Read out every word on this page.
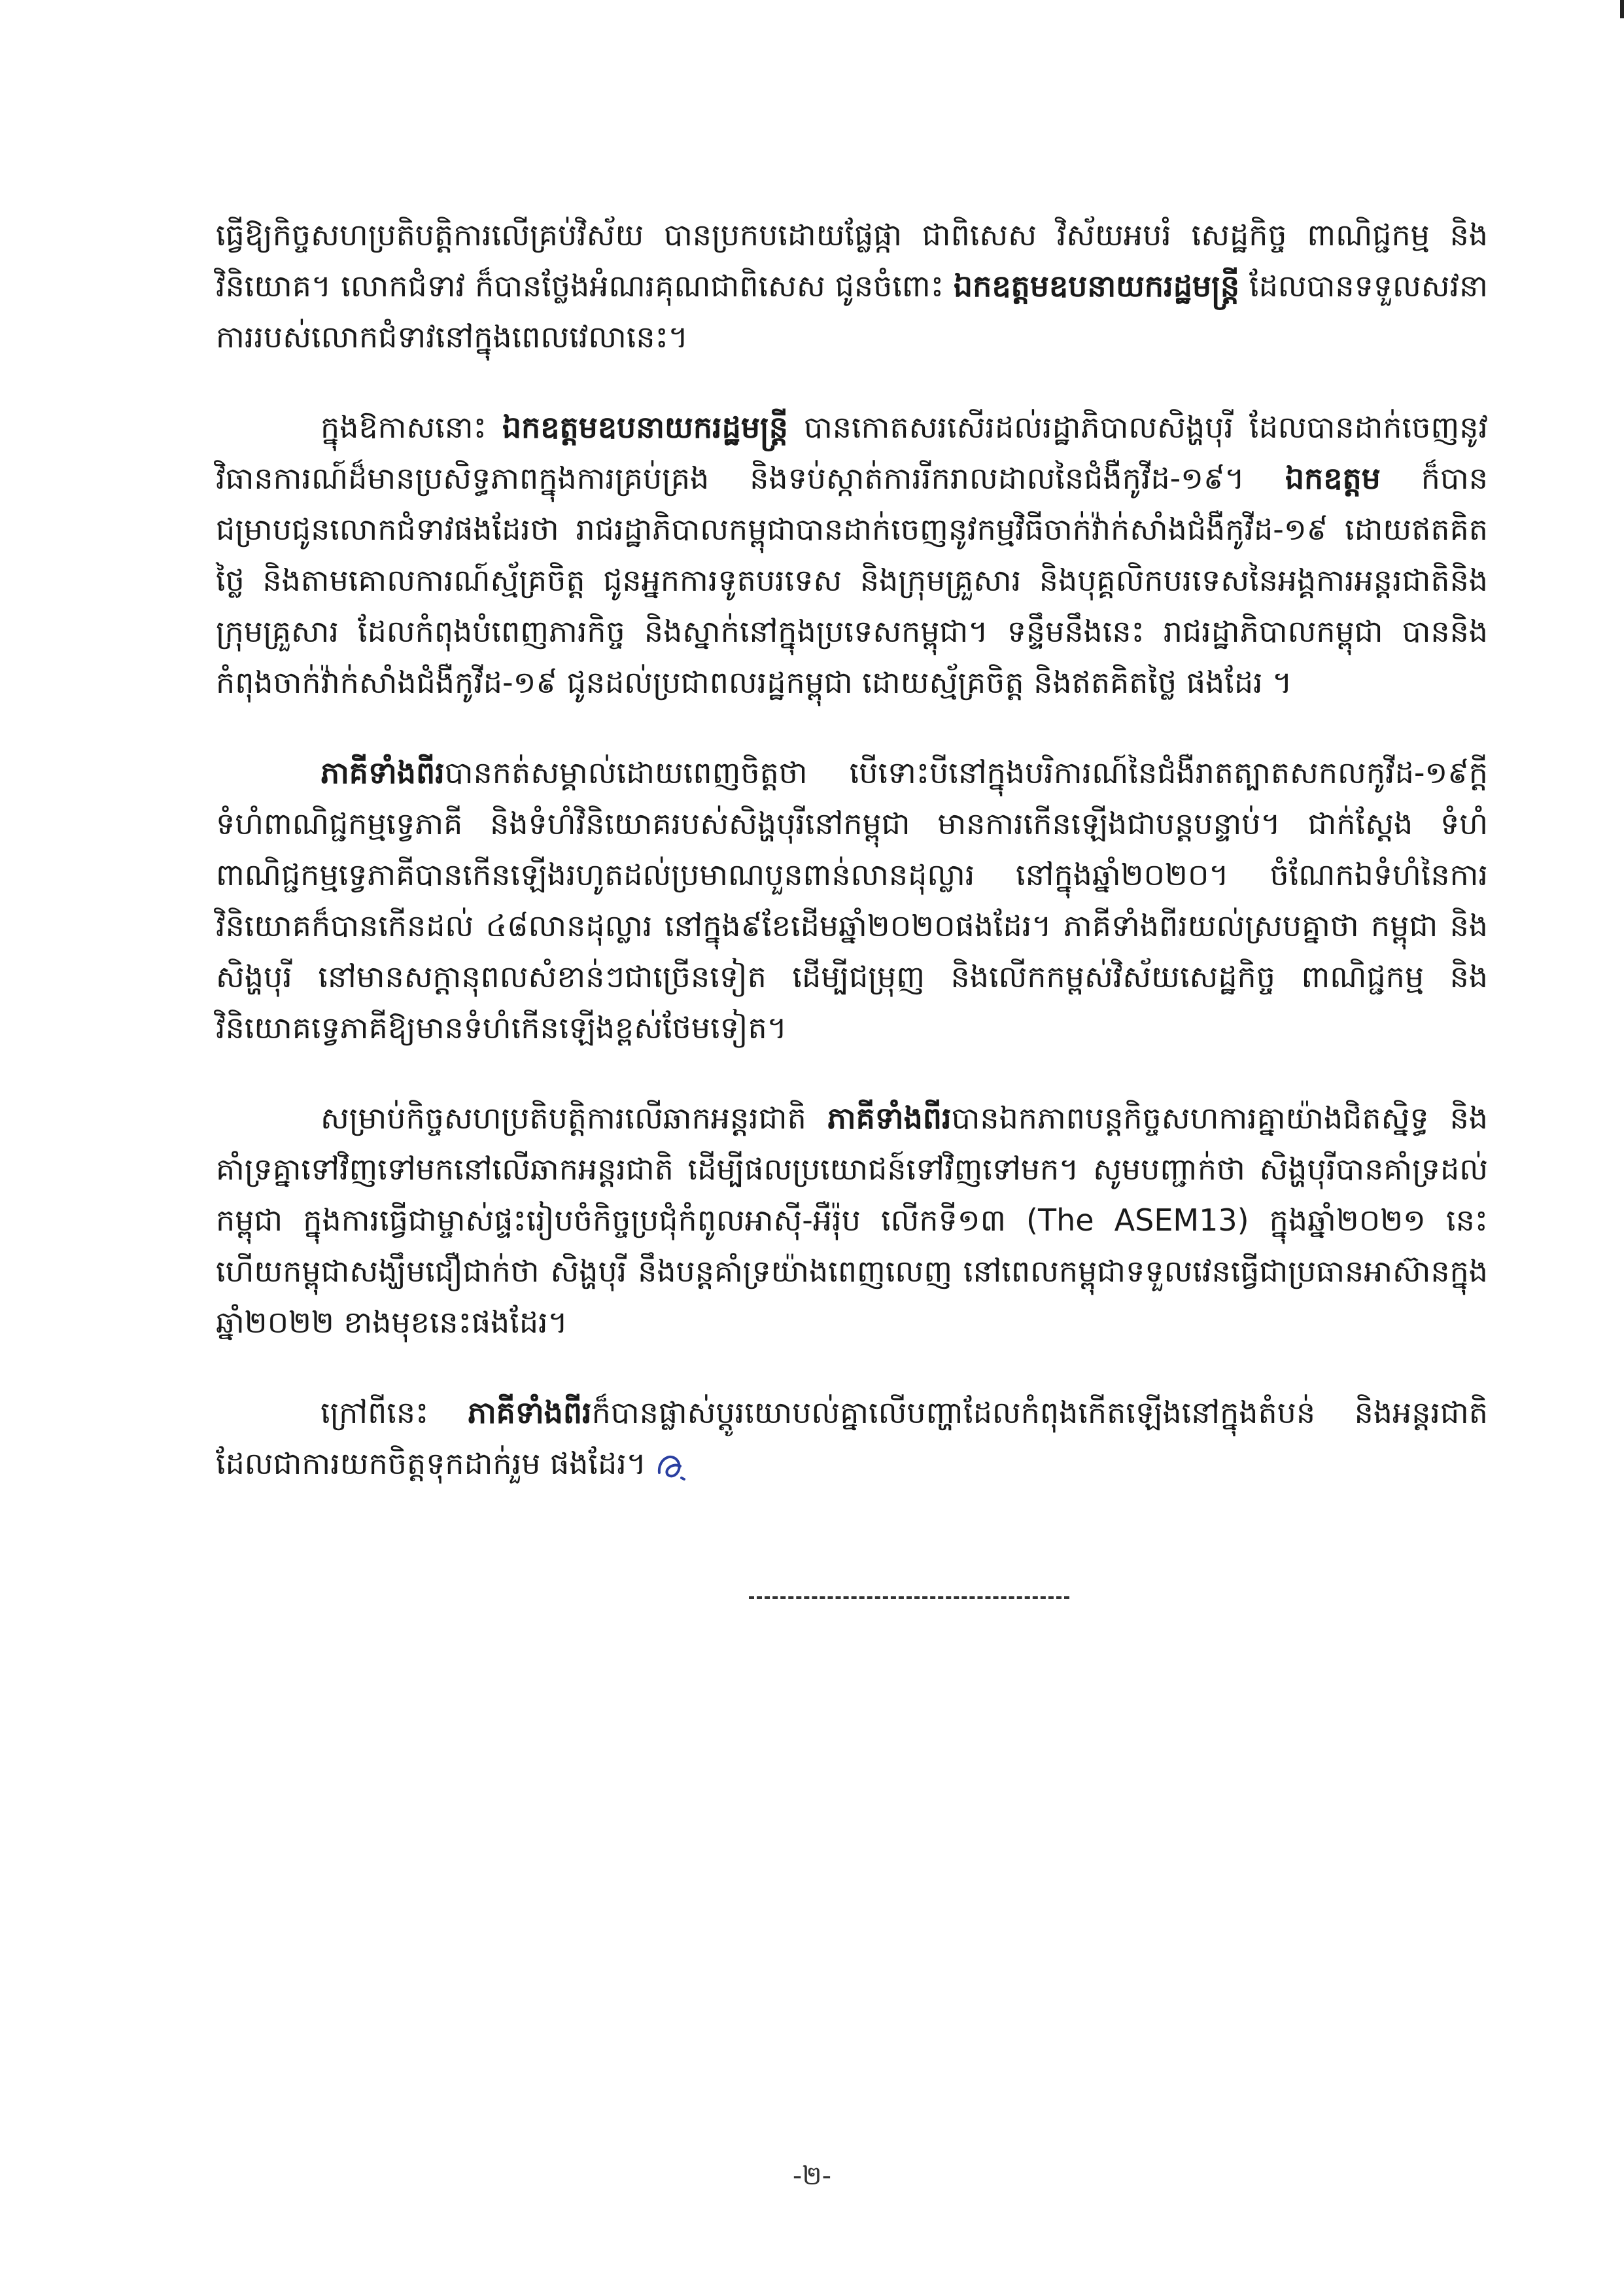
ធ្វើឱ្យកិច្ចសហប្រតិបត្តិការលើគ្រប់វិស័យ បានប្រកបដោយផ្លែផ្កា ជាពិសេស វិស័យអបរំ សេដ្ឋកិច្ច ពាណិជ្ជកម្ម និង វិនិយោគ។ លោកជំទាវ ក៏បានថ្លែងអំណរគុណជាពិសេស ជូនចំពោះ ឯកឧត្តមឧបនាយករដ្ឋមន្ត្រី ដែលបានទទួលសវនាការរបស់លោកជំទាវនៅក្នុងពេលវេលានេះ។

ក្នុងឱកាសនោះ ឯកឧត្តមឧបនាយករដ្ឋមន្ត្រី បានកោតសរសើរដល់រដ្ឋាភិបាលសិង្ហបុរី ដែលបានដាក់ចេញនូវវិធានការណ៍ដ៏មានប្រសិទ្ធភាពក្នុងការគ្រប់គ្រង និងទប់ស្កាត់ការរីករាលដាលនៃជំងឺកូវីដ-១៩។ ឯកឧត្តម ក៏បានជម្រាបជូនលោកជំទាវផងដែរថា រាជរដ្ឋាភិបាលកម្ពុជាបានដាក់ចេញនូវកម្មវិធីចាក់វ៉ាក់សាំងជំងឺកូវីដ-១៩ ដោយឥតគិតថ្លៃ និងតាមគោលការណ៍ស្ម័គ្រចិត្ត ជូនអ្នកការទូតបរទេស និងក្រុមគ្រួសារ និងបុគ្គលិកបរទេសនៃអង្គការអន្តរជាតិនិងក្រុមគ្រួសារ ដែលកំពុងបំពេញភារកិច្ច និងស្នាក់នៅក្នុងប្រទេសកម្ពុជា។ ទន្ទឹមនឹងនេះ រាជរដ្ឋាភិបាលកម្ពុជា បាននិងកំពុងចាក់វ៉ាក់សាំងជំងឺកូវីដ-១៩ ជូនដល់ប្រជាពលរដ្ឋកម្ពុជា ដោយស្ម័គ្រចិត្ត និងឥតគិតថ្លៃ ផងដែរ ។

ភាគីទាំងពីរបានកត់សម្គាល់ដោយពេញចិត្តថា បើទោះបីនៅក្នុងបរិការណ៍នៃជំងឺរាតត្បាតសកលកូវីដ-១៩ក្តី ទំហំពាណិជ្ជកម្មទ្វេភាគី និងទំហំវិនិយោគរបស់សិង្ហបុរីនៅកម្ពុជា មានការកើនឡើងជាបន្តបន្ទាប់។ ជាក់ស្តែង ទំហំពាណិជ្ជកម្មទ្វេភាគីបានកើនឡើងរហូតដល់ប្រមាណបួនពាន់លានដុល្លារ នៅក្នុងឆ្នាំ២០២០។ ចំណែកឯទំហំនៃការវិនិយោគក៏បានកើនដល់ ៤៨លានដុល្លារ នៅក្នុង៩ខែដើមឆ្នាំ២០២០ផងដែរ។ ភាគីទាំងពីរយល់ស្របគ្នាថា កម្ពុជា និងសិង្ហបុរី នៅមានសក្តានុពលសំខាន់ៗជាច្រើនទៀត ដើម្បីជម្រុញ និងលើកកម្ពស់វិស័យសេដ្ឋកិច្ច ពាណិជ្ជកម្ម និងវិនិយោគទ្វេភាគីឱ្យមានទំហំកើនឡើងខ្ពស់ថែមទៀត។

សម្រាប់កិច្ចសហប្រតិបត្តិការលើឆាកអន្តរជាតិ ភាគីទាំងពីរបានឯកភាពបន្តកិច្ចសហការគ្នាយ៉ាងជិតស្និទ្ធ និងគាំទ្រគ្នាទៅវិញទៅមកនៅលើឆាកអន្តរជាតិ ដើម្បីផលប្រយោជន៍ទៅវិញទៅមក។ សូមបញ្ជាក់ថា សិង្ហបុរីបានគាំទ្រដល់កម្ពុជា ក្នុងការធ្វើជាម្ចាស់ផ្ទះរៀបចំកិច្ចប្រជុំកំពូលអាស៊ី-អឺរ៉ុប លើកទី១៣ (The ASEM13) ក្នុងឆ្នាំ២០២១ នេះ ហើយកម្ពុជាសង្ឃឹមជឿជាក់ថា សិង្ហបុរី នឹងបន្តគាំទ្រយ៉ាងពេញលេញ នៅពេលកម្ពុជាទទួលវេនធ្វើជាប្រធានអាស៊ានក្នុងឆ្នាំ២០២២ ខាងមុខនេះផងដែរ។

ក្រៅពីនេះ ភាគីទាំងពីរក៏បានផ្លាស់ប្តូរយោបល់គ្នាលើបញ្ហាដែលកំពុងកើតឡើងនៅក្នុងតំបន់ និងអន្តរជាតិ ដែលជាការយកចិត្តទុកដាក់រួម ផងដែរ។

-២-
